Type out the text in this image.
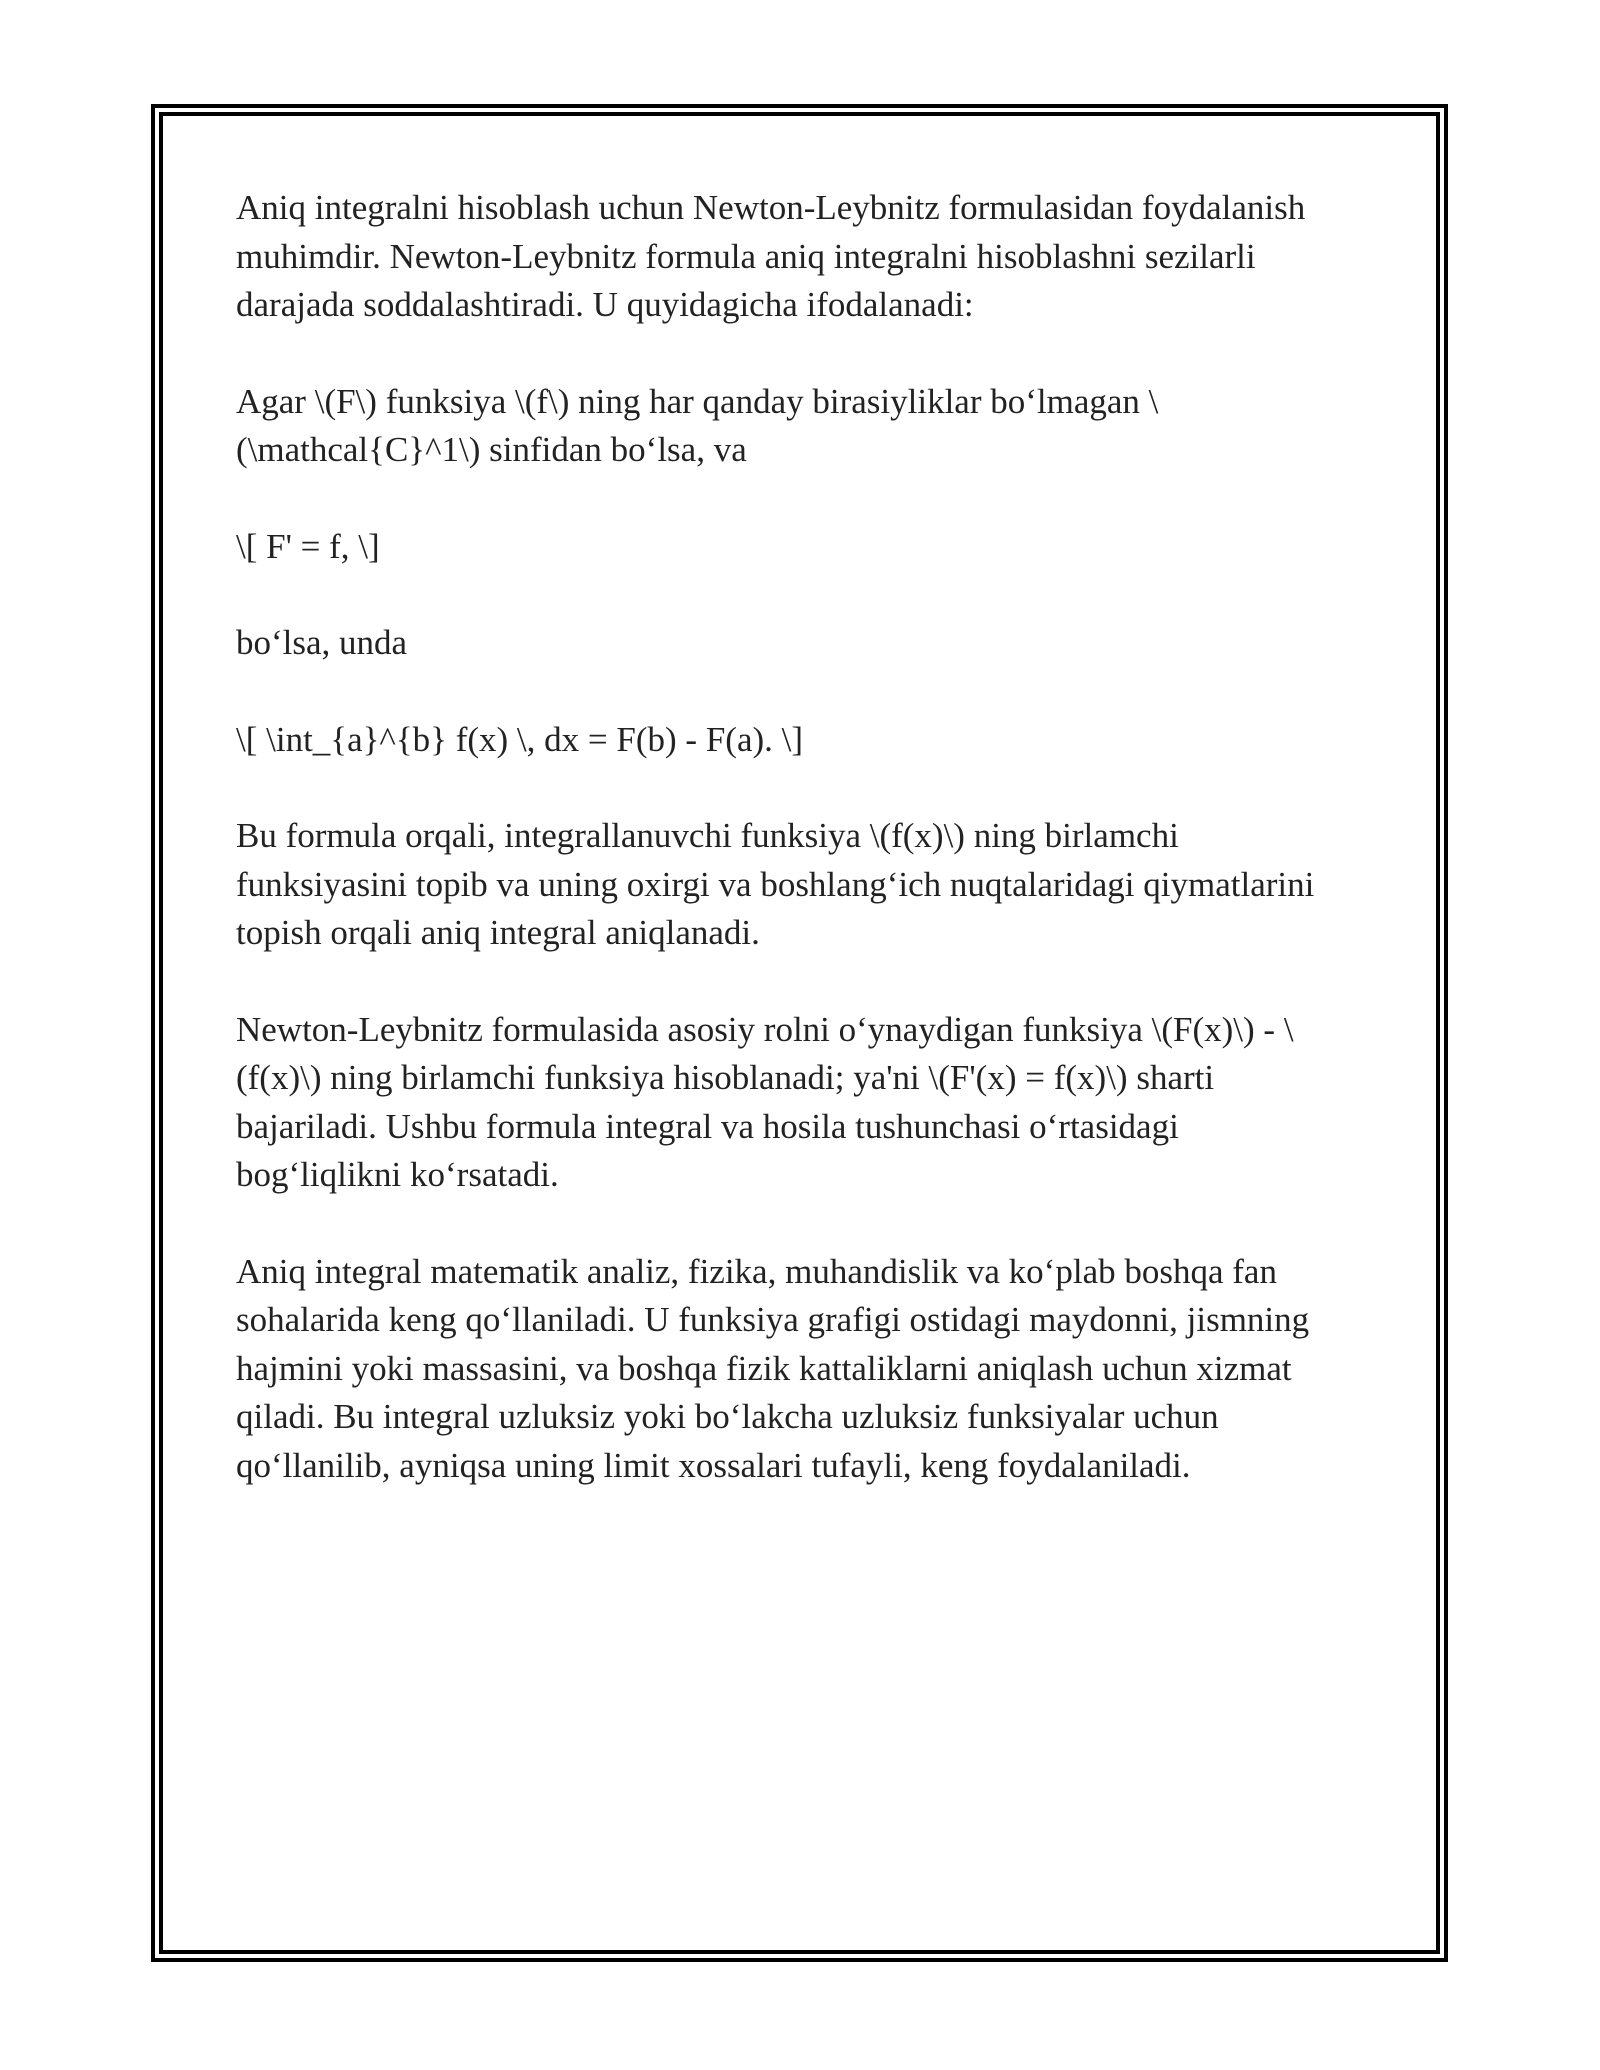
Aniq integralni hisoblash uchun Newton-Leybnitz formulasidan foydalanish
muhimdir. Newton-Leybnitz formula aniq integralni hisoblashni sezilarli
darajada soddalashtiradi. U quyidagicha ifodalanadi:

Agar \(F\) funksiya \(f\) ning har qanday birasiyliklar bo‘lmagan \
(\mathcal{C}^1\) sinfidan bo‘lsa, va

\[ F' = f, \]

bo‘lsa, unda

\[ \int_{a}^{b} f(x) \, dx = F(b) - F(a). \]

Bu formula orqali, integrallanuvchi funksiya \(f(x)\) ning birlamchi
funksiyasini topib va uning oxirgi va boshlang‘ich nuqtalaridagi qiymatlarini
topish orqali aniq integral aniqlanadi.

Newton-Leybnitz formulasida asosiy rolni o‘ynaydigan funksiya \(F(x)\) - \
(f(x)\) ning birlamchi funksiya hisoblanadi; ya'ni \(F'(x) = f(x)\) sharti
bajariladi. Ushbu formula integral va hosila tushunchasi o‘rtasidagi
bog‘liqlikni ko‘rsatadi.

Aniq integral matematik analiz, fizika, muhandislik va ko‘plab boshqa fan
sohalarida keng qo‘llaniladi. U funksiya grafigi ostidagi maydonni, jismning
hajmini yoki massasini, va boshqa fizik kattaliklarni aniqlash uchun xizmat
qiladi. Bu integral uzluksiz yoki bo‘lakcha uzluksiz funksiyalar uchun
qo‘llanilib, ayniqsa uning limit xossalari tufayli, keng foydalaniladi.
